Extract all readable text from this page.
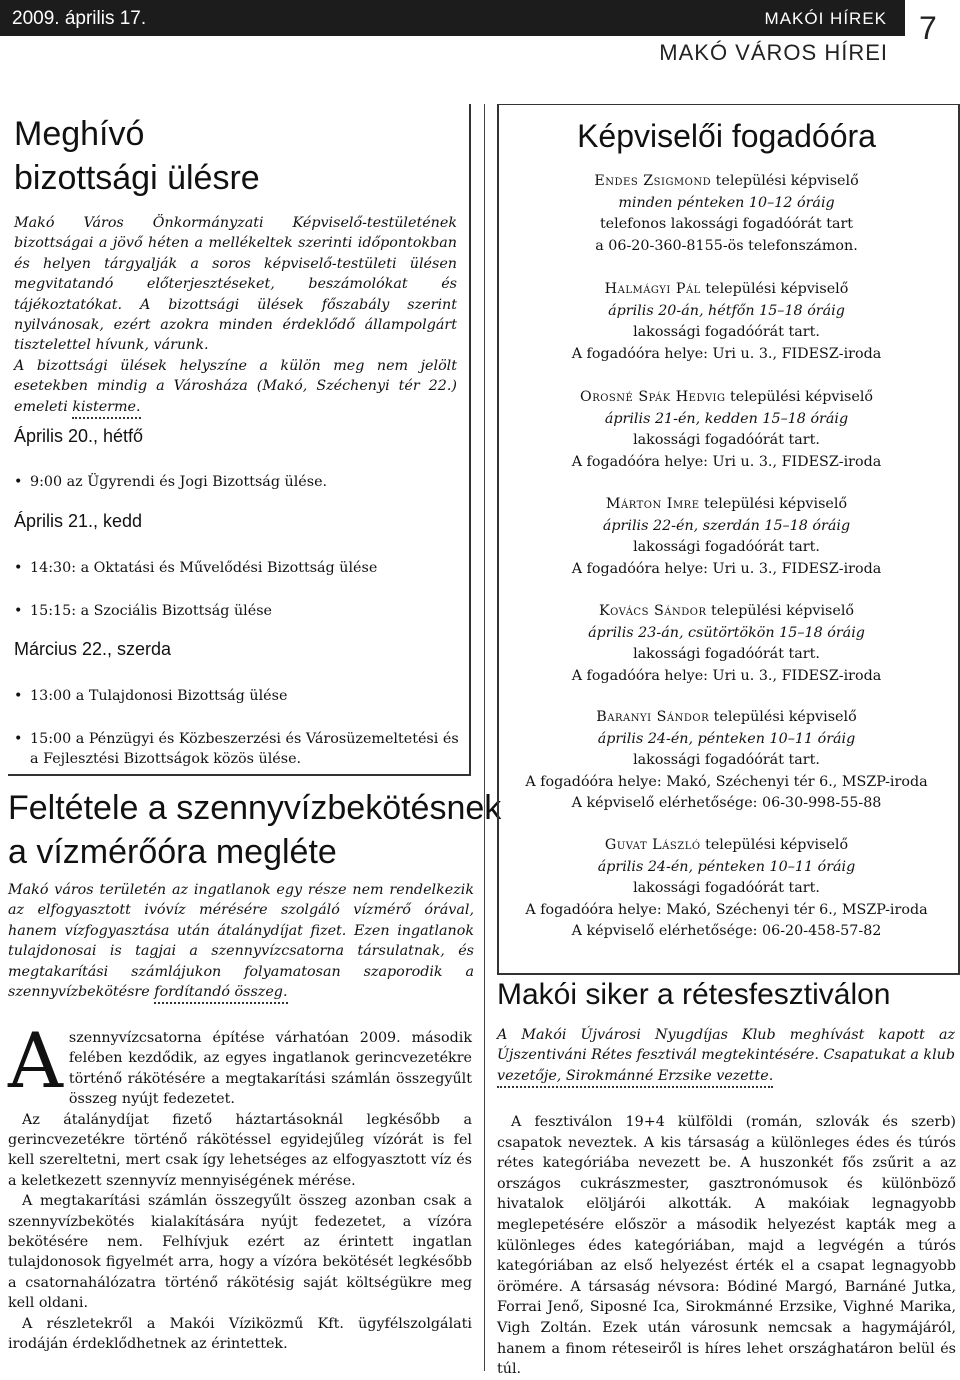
2009. április 17.	MAKÓI HÍREK 7
MAKÓ VÁROS HÍREI
Meghívó
bizottsági ülésre

Makó Város Önkormányzati Képviselő-testületének bizottságai a jövő héten a mellékeltek szerinti időpontokban és helyen tárgyalják a soros képviselő-testületi ülésen megvitatandó előterjesztéseket, beszámolókat és tájékoztatókat. A bizottsági ülések főszabály szerint nyilvánosak, ezért azokra minden érdeklődő állampolgárt tisztelettel hívunk, várunk.

A bizottsági ülések helyszíne a külön meg nem jelölt esetekben mindig a Városháza (Makó, Széchenyi tér 22.) emeleti kisterme.

Április 20., hétfő
• 9:00 az Ügyrendi és Jogi Bizottság ülése.
Április 21., kedd
• 14:30: a Oktatási és Művelődési Bizottság ülése
• 15:15: a Szociális Bizottság ülése
Március 22., szerda
• 13:00 a Tulajdonosi Bizottság ülése
• 15:00 a Pénzügyi és Közbeszerzési és Városüzemeltetési és a Fejlesztési Bizottságok közös ülése.
Feltétele a szennyvízbekötésnek
a vízmérőóra megléte
Makó város területén az ingatlanok egy része nem rendelkezik az elfogyasztott ivóvíz mérésére szolgáló vízmérő órával, hanem vízfogyasztása után átalánydíjat fizet. Ezen ingatlanok tulajdonosai is tagjai a szennyvízcsatorna társulatnak, és megtakarítási számlájukon folyamatosan szaporodik a szennyvízbekötésre fordítandó összeg.

Aszennyvízcsatorna építése várhatóan 2009. második felében kezdődik, az egyes ingatlanok gerincvezetékre történő rákötésére a megtakarítási számlán összegyűlt összeg nyújt fedezetet.

Az átalánydíjat fizető háztartásoknál legkésőbb a gerincvezetékre történő rákötéssel egyidejűleg vízórát is fel kell szereltetni, mert csak így lehetséges az elfogyasztott víz és a keletkezett szennyvíz mennyiségének mérése.

A megtakarítási számlán összegyűlt összeg azonban csak a szennyvízbekötés kialakítására nyújt fedezetet, a vízóra bekötésére nem. Felhívjuk ezért az érintett ingatlan tulajdonosok figyelmét arra, hogy a vízóra bekötését legkésőbb a csatornahálózatra történő rákötésig saját költségükre meg kell oldani.

A részletekről a Makói Víziközmű Kft. ügyfélszolgálati irodáján érdeklődhetnek az érintettek.

Képviselői fogadóóra
Endes Zsigmond települési képviselő
minden pénteken 10–12 óráig
telefonos lakossági fogadóórát tart
a 06-20-360-8155-ös telefonszámon.
Halmágyi Pál települési képviselő
április 20-án, hétfőn 15–18 óráig
lakossági fogadóórát tart.
A fogadóóra helye: Uri u. 3., FIDESZ-iroda
Orosné Spák Hedvig települési képviselő
április 21-én, kedden 15–18 óráig
lakossági fogadóórát tart.
A fogadóóra helye: Uri u. 3., FIDESZ-iroda
Márton Imre települési képviselő
április 22-én, szerdán 15–18 óráig
lakossági fogadóórát tart.
A fogadóóra helye: Uri u. 3., FIDESZ-iroda
Kovács Sándor települési képviselő
április 23-án, csütörtökön 15–18 óráig
lakossági fogadóórát tart.
A fogadóóra helye: Uri u. 3., FIDESZ-iroda
Baranyi Sándor települési képviselő
április 24-én, pénteken 10–11 óráig
lakossági fogadóórát tart.
A fogadóóra helye: Makó, Széchenyi tér 6., MSZP-iroda
A képviselő elérhetősége: 06-30-998-55-88
Guvat László települési képviselő
április 24-én, pénteken 10–11 óráig
lakossági fogadóórát tart.
A fogadóóra helye: Makó, Széchenyi tér 6., MSZP-iroda
A képviselő elérhetősége: 06-20-458-57-82
Makói siker a rétesfesztiválon
A Makói Újvárosi Nyugdíjas Klub meghívást kapott az Újszentiváni Rétes fesztivál megtekintésére. Csapatukat a klub vezetője, Sirokmánné Erzsike vezette.

A fesztiválon 19+4 külföldi (román, szlovák és szerb) csapatok neveztek. A kis társaság a különleges édes és túrós rétes kategóriába nevezett be. A huszonkét fős zsűrit a az országos cukrászmester, gasztronómusok és különböző hivatalok elöljárói alkották. A makóiak legnagyobb meglepetésére először a második helyezést kapták meg a különleges édes kategóriában, majd a legvégén a túrós kategóriában az első helyezést érték el a csapat legnagyobb örömére. A társaság névsora: Bódiné Margó, Barnáné Jutka, Forrai Jenő, Siposné Ica, Sirokmánné Erzsike, Vighné Marika, Vigh Zoltán. Ezek után városunk nemcsak a hagymájáról, hanem a finom réteseiről is híres lehet országhatáron belül és túl.
